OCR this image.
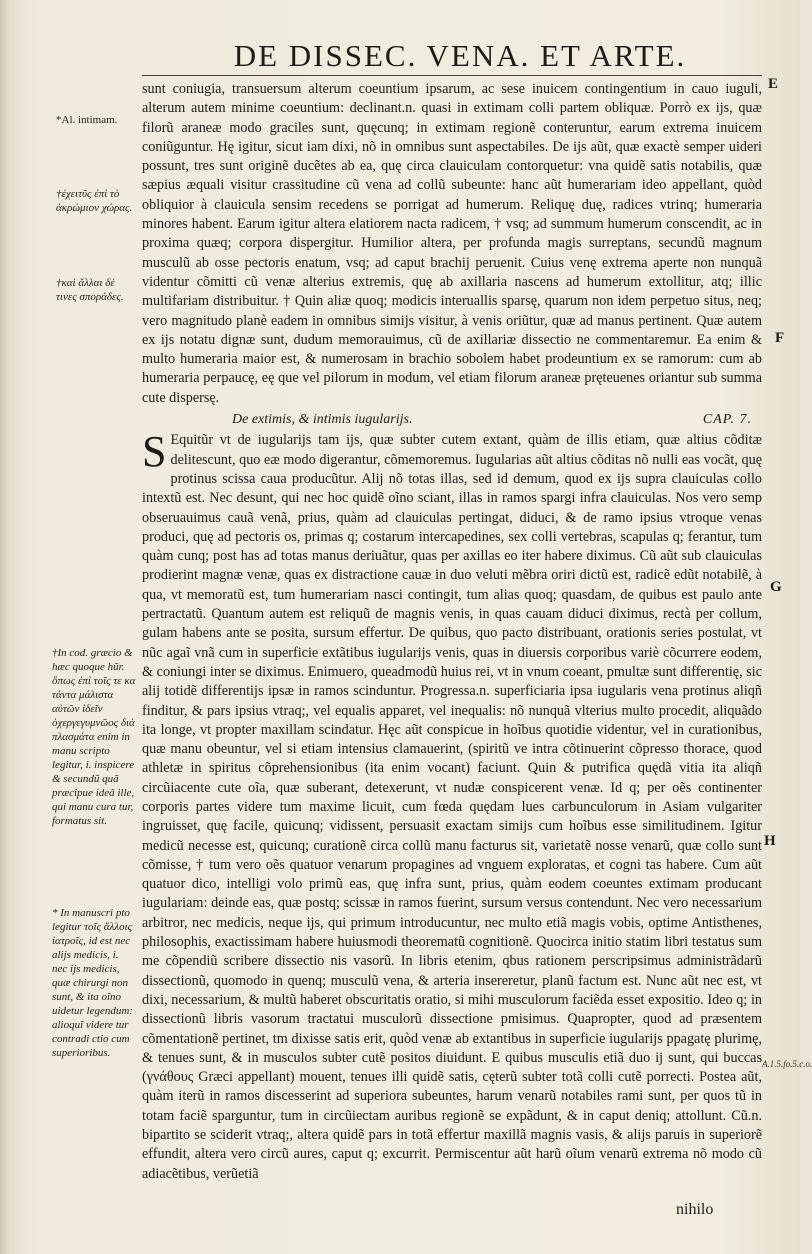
DE DISSEC. VENA. ET ARTE.

sunt coniugia, transuersum alterum coeuntium ipsarum, ac sese inuicem contingentium in cauo iuguli, alterum autem minime coeuntium: declinant.n. quasi in extimam colli partem obliquæ. Porrò ex ijs, quæ filorũ araneæ modo graciles sunt, quęcunq; in extimam regionẽ conteruntur, earum extrema inuicem coniũguntur. Hę igitur, sicut iam dixi, nõ in omnibus sunt aspectabiles. De ijs aũt, quæ exactè semper uideri possunt, tres sunt originẽ ducẽtes ab ea, quę circa clauiculam contorquetur: vna quidẽ satis notabilis, quæ sæpius æquali visitur crassitudine cũ vena ad collũ subeunte: hanc aũt humerariam ideo appellant, quòd obliquior à clauicula sensim recedens se porrigat ad humerum. Reliquę duę, radices vtrinq; humeraria minores habent. Earum igitur altera elatiorem nacta radicem, † vsq; ad summum humerum conscendit, ac in proxima quæq; corpora dispergitur. Humilior altera, per profunda magis surreptans, secundũ magnum musculũ ab osse pectoris enatum, vsq; ad caput brachij peruenit. Cuius venę extrema aperte non nunquã videntur cõmitti cũ venæ alterius extremis, quę ab axillaria nascens ad humerum extollitur, atq; illic multifariam distribuitur. † Quin aliæ quoq; modicis interuallis sparsę, quarum non idem perpetuo situs, neq; vero magnitudo planè eadem in omnibus simijs visitur, à venis oriũtur, quæ ad manus pertinent. Quæ autem ex ijs notatu dignæ sunt, dudum memorauimus, cũ de axillariæ dissectio ne commentaremur. Ea enim & multo humeraria maior est, & numerosam in brachio sobolem habet prodeuntium ex se ramorum: cum ab humeraria perpaucę, eę que vel pilorum in modum, vel etiam filorum araneæ pręteuenes oriantur sub summa cute dispersę.

De extimis, & intimis iugularijs.	CAP. 7.

S Equitũr vt de iugularijs tam ijs, quæ subter cutem extant, quàm de illis etiam, quæ altius cõditæ delitescunt, quo eæ modo digerantur, cõmemoremus. Iugularias aũt altius cõditas nõ nulli eas vocãt, quę protinus scissa caua producũtur. Alij nõ totas illas, sed id demum, quod ex ijs supra clauiculas collo intextũ est. Nec desunt, qui nec hoc quidẽ oĩno sciant, illas in ramos spargi infra clauiculas. Nos vero semp obseruauimus cauã venã, prius, quàm ad clauiculas pertingat, diduci, & de ramo ipsius vtroque venas produci, quę ad pectoris os, primas q; costarum intercapedines, sex colli vertebras, scapulas q; ferantur, tum quàm cunq; post has ad totas manus deriuãtur, quas per axillas eo iter habere diximus. Cũ aũt sub clauiculas prodierint magnæ venæ, quas ex distractione cauæ in duo veluti mẽbra oriri dictũ est, radicẽ edũt notabilẽ, à qua, vt memoratũ est, tum humerariam nasci contingit, tum alias quoq; quasdam, de quibus est paulo ante pertractatũ. Quantum autem est reliquũ de magnis venis, in quas cauam diduci diximus, rectà per collum, gulam habens ante se posita, sursum effertur. De quibus, quo pacto distribuant, orationis series postulat, vt nũc agaĩ vnã cum in superficie extãtibus iugularijs venis, quas in diuersis corporibus variè cõcurrere eodem, & coniungi inter se diximus. Enimuero, queadmodũ huius rei, vt in vnum coeant, pmultæ sunt differentię, sic alij totidẽ differentijs ipsæ in ramos scinduntur. Progressa.n. superficiaria ipsa iugularis vena protinus aliqñ finditur, & pars ipsius vtraq;, vel equalis apparet, vel inequalis: nõ nunquã vlterius multo procedit, aliquãdo ita longe, vt propter maxillam scindatur. Hęc aũt conspicue in hoĩbus quotidie videntur, vel in curationibus, quæ manu obeuntur, vel si etiam intensius clamauerint, (spiritũ ve intra cõtinuerint cõpresso thorace, quod athletæ in spiritus cõprehensionibus (ita enim vocant) faciunt. Quin & putrifica quędã vitia ita aliqñ circũiacente cute oĩa, quæ suberant, detexerunt, vt nudæ conspicerent venæ. Id q; per oẽs continenter corporis partes videre tum maxime licuit, cum fœda quędam lues carbunculorum in Asiam vulgariter ingruisset, quę facile, quicunq; vidissent, persuasit exactam simijs cum hoĩbus esse similitudinem. Igitur medicũ necesse est, quicunq; curationẽ circa collũ manu facturus sit, varietatẽ nosse venarũ, quæ collo sunt cõmisse, † tum vero oẽs quatuor venarum propagines ad vnguem exploratas, et cogni tas habere. Cum aũt quatuor dico, intelligi volo primũ eas, quę infra sunt, prius, quàm eodem coeuntes extimam producant iugulariam: deinde eas, quæ postq; scissæ in ramos fuerint, sursum versus contendunt. Nec vero necessarium arbitror, nec medicis, neque ijs, qui primum introducuntur, nec multo etiã magis vobis, optime Antisthenes, philosophis, exactissimam habere huiusmodi theorematũ cognitionẽ. Quocirca initio statim libri testatus sum me cõpendiũ scribere dissectio nis vasorũ. In libris etenim, qbus rationem perscripsimus administrãdarũ dissectionũ, quomodo in quenq; musculũ vena, & arteria insereretur, planũ factum est. Nunc aũt nec est, vt dixi, necessarium, & multũ haberet obscuritatis oratio, si mihi musculorum faciẽda esset expositio. Ideo q; in dissectionũ libris vasorum tractatui musculorũ dissectione pmisimus. Quapropter, quod ad præsentem cõmentationẽ pertinet, tm dixisse satis erit, quòd venæ ab extantibus in superficie iugularijs ppagatę plurimę, & tenues sunt, & in musculos subter cutẽ positos diuidunt. E quibus musculis etiã duo ij sunt, qui buccas (γνάθους Græci appellant) mouent, tenues illi quidẽ satis, cęterũ subter totã colli cutẽ porrecti. Postea aũt, quàm iterũ in ramos discesserint ad superiora subeuntes, harum venarũ notabiles rami sunt, per quos tũ in totam faciẽ sparguntur, tum in circũiectam auribus regionẽ se expãdunt, & in caput deniq; attollunt. Cũ.n. bipartito se sciderit vtraq;, altera quidẽ pars in totã effertur maxillã magnis vasis, & alijs paruis in superiorẽ effundit, altera vero circũ aures, caput q; excurrit. Permiscentur aũt harũ oĩum venarũ extrema nõ modo cũ adiacẽtibus, verũetiã

*Al. intimam.
†ἐχειτῦς ἐπὶ τὸ ἀκρώμιον χώρας.
†καὶ ἄλλαι δέ τινες σποράδες.
†In cod. græcio & hæc quoque hũr. ὅπως ἐπὶ τοῖς τε κα τάντα μάλιστα αὐτῶν ἰδεῖν ὀχεργεγυμνῶος διὰ πλασμάτα enim in manu scripto legitur, i. inspicere & secundũ quã præcipue ideã ille, qui manu cura tur, formatus sit.
* In manuscri pto legitur τοῖς ἄλλοις ἰατροῖς, id est nec alijs medicis, i. nec ijs medicis, quæ chirurgi non sunt, & ita oĩno uidetur legendum: alioquĩ videre tur contradi ctio cum superioribus.
E
F
G
H
A.1.5.fo.5.c.o.
nihilo
